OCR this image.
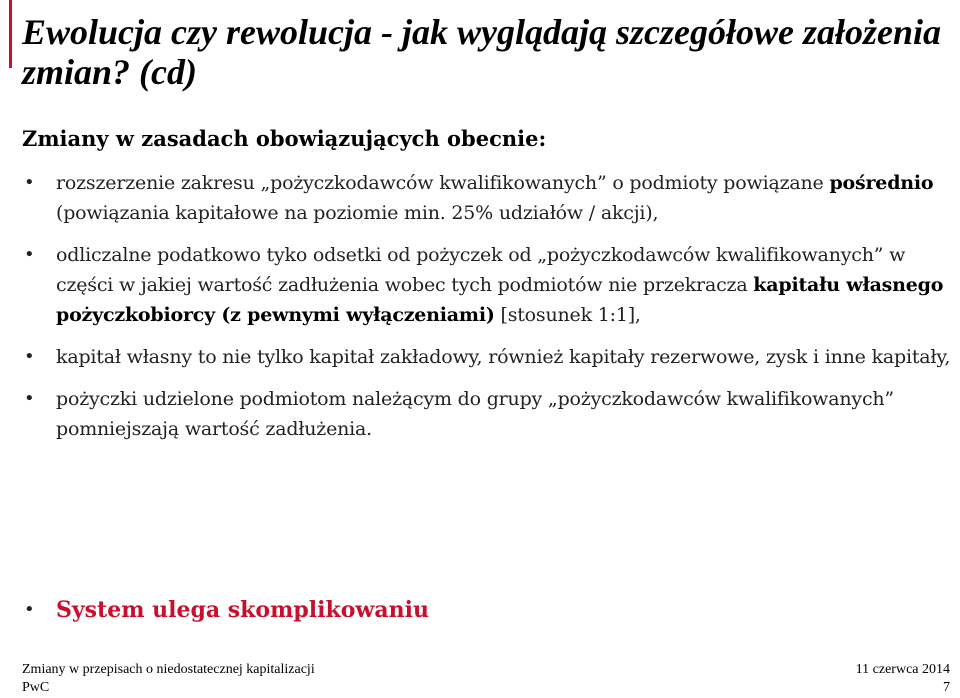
Ewolucja czy rewolucja - jak wyglądają szczegółowe założenia zmian? (cd)

Zmiany w zasadach obowiązujących obecnie:

• rozszerzenie zakresu „pożyczkodawców kwalifikowanych” o podmioty powiązane pośrednio (powiązania kapitałowe na poziomie min. 25% udziałów / akcji),
• odliczalne podatkowo tyko odsetki od pożyczek od „pożyczkodawców kwalifikowanych” w części w jakiej wartość zadłużenia wobec tych podmiotów nie przekracza kapitału własnego pożyczkobiorcy (z pewnymi wyłączeniami) [stosunek 1:1],
• kapitał własny to nie tylko kapitał zakładowy, również kapitały rezerwowe, zysk i inne kapitały,
• pożyczki udzielone podmiotom należącym do grupy „pożyczkodawców kwalifikowanych” pomniejszają wartość zadłużenia.
• System ulega skomplikowaniu
Zmiany w przepisach o niedostatecznej kapitalizacji
PwC
11 czerwca 2014
7
